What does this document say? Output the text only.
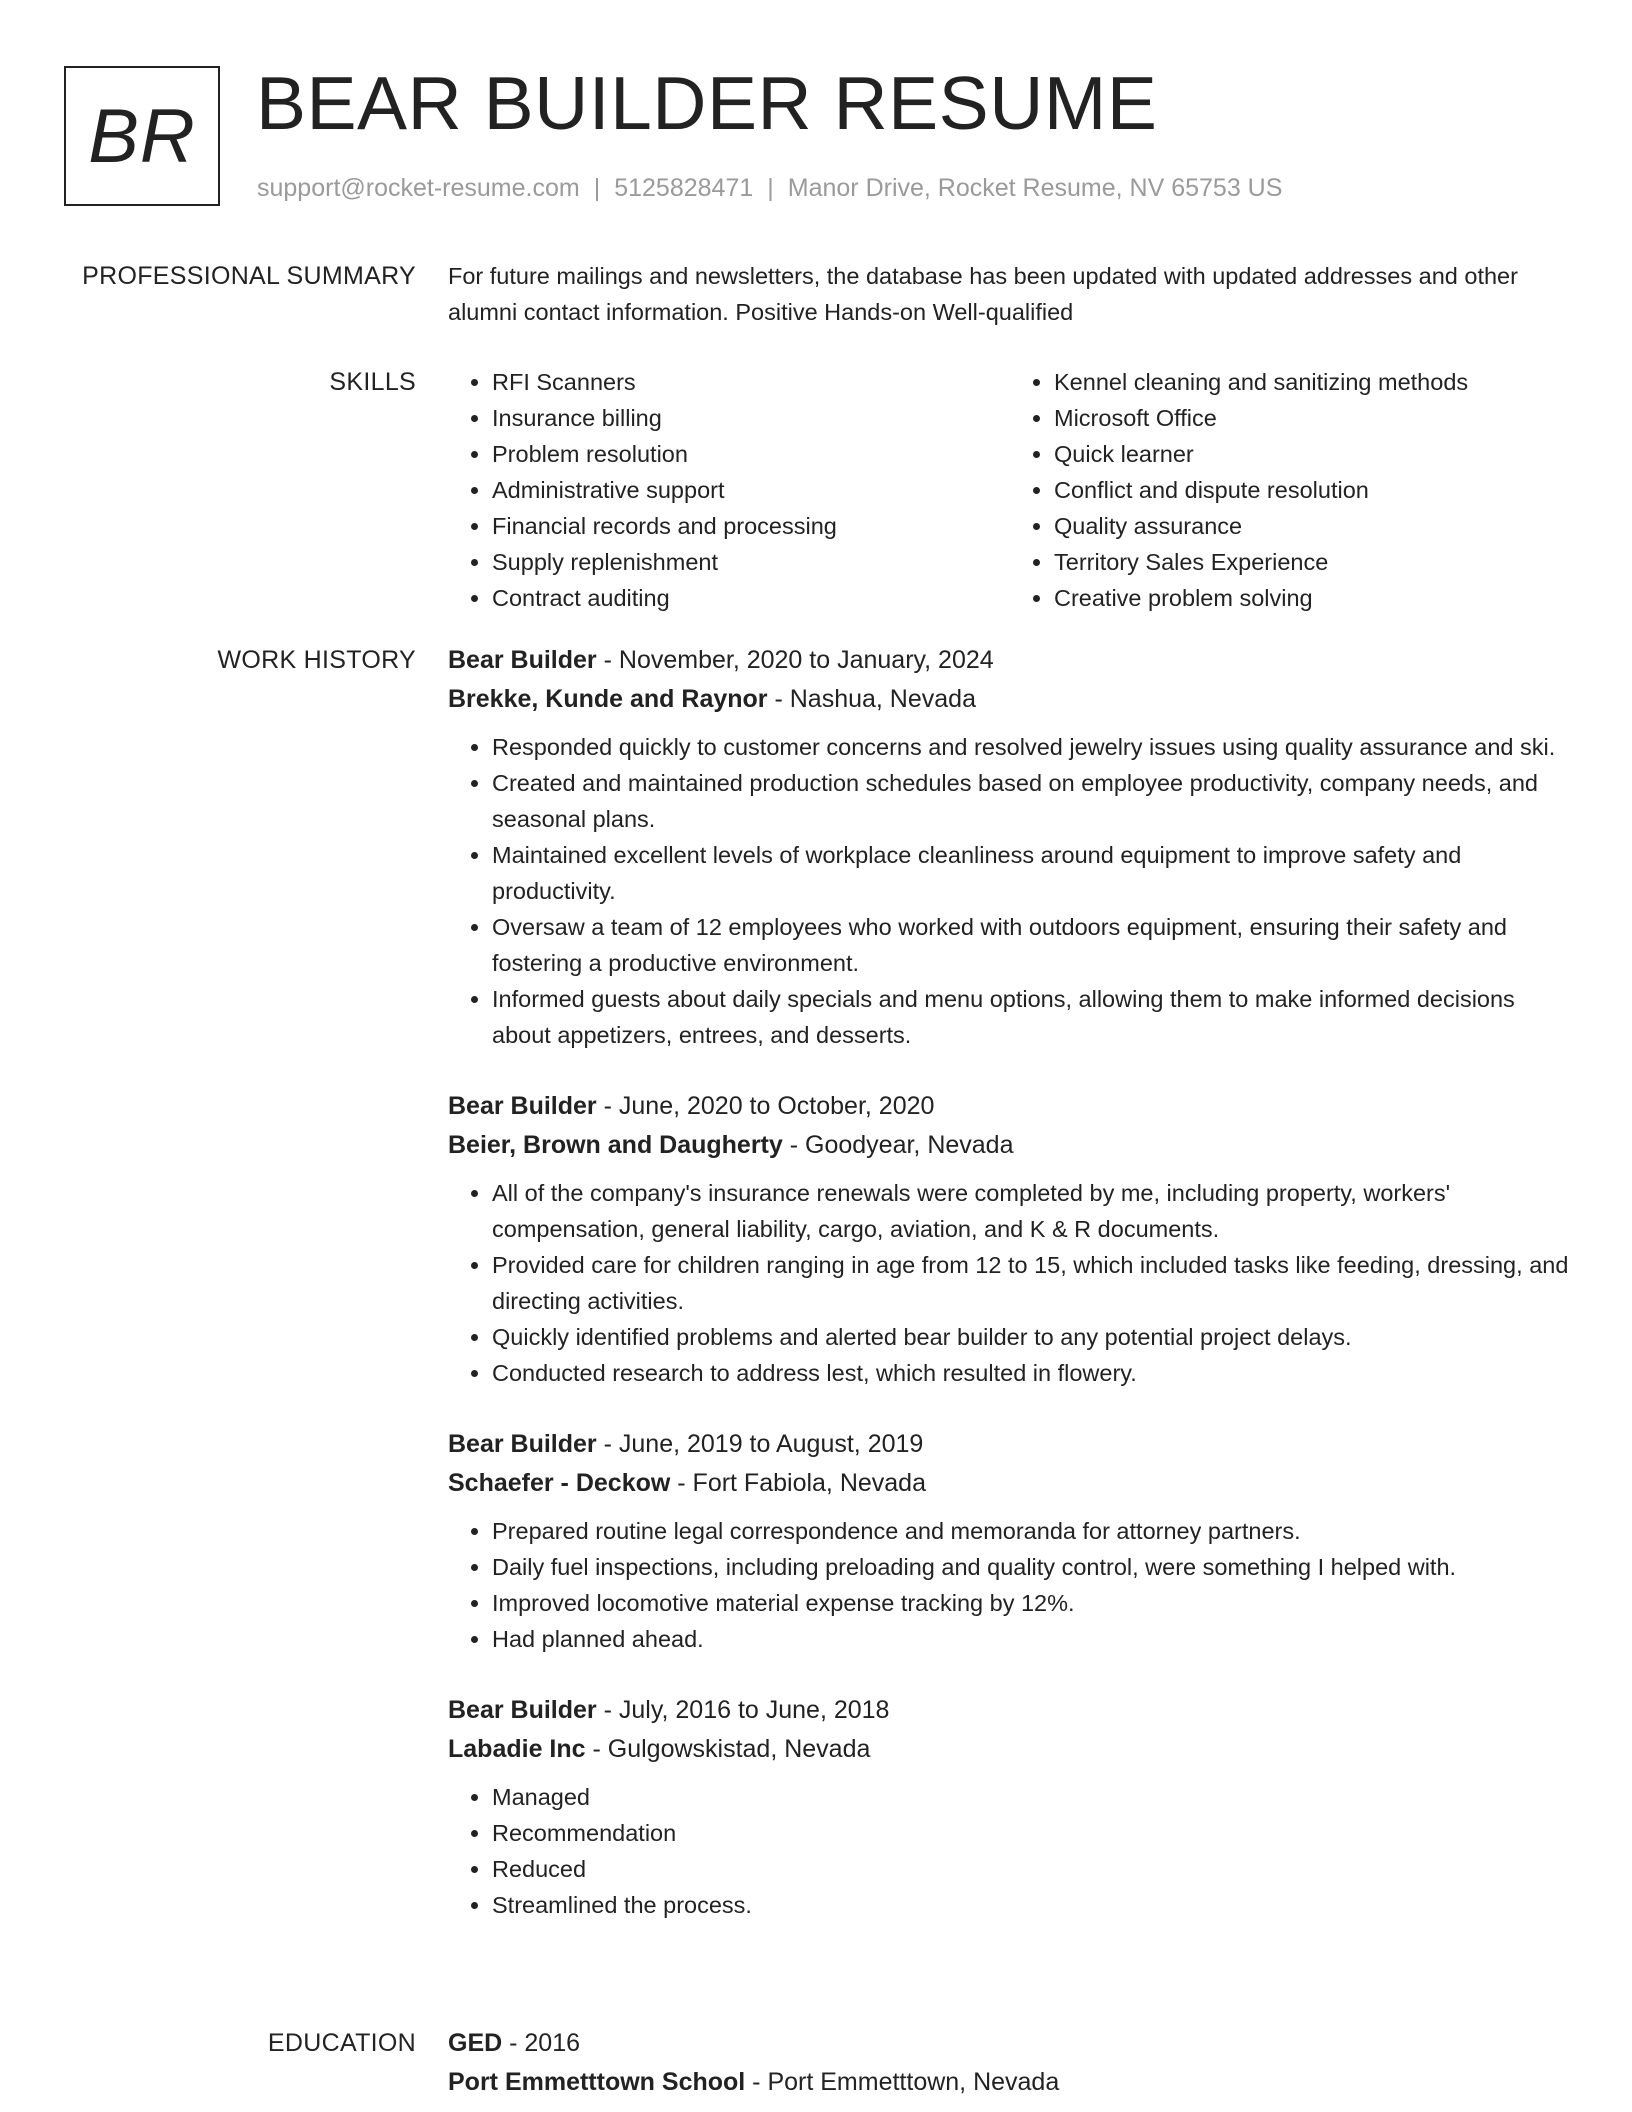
BR BEAR BUILDER RESUME
support@rocket-resume.com | 5125828471 | Manor Drive, Rocket Resume, NV 65753 US
PROFESSIONAL SUMMARY For future mailings and newsletters, the database has been updated with updated addresses and other alumni contact information. Positive Hands-on Well-qualified

SKILLS
•	RFI Scanners
• Insurance billing
• Problem resolution
• Administrative support
• Financial records and processing
• Supply replenishment
• Contract auditing
• Kennel cleaning and sanitizing methods
• Microsoft Office
• Quick learner
• Conflict and dispute resolution
• Quality assurance
• Territory Sales Experience
• Creative problem solving
WORK HISTORY Bear Builder - November, 2020 to January, 2024
Brekke, Kunde and Raynor - Nashua, Nevada
• Responded quickly to customer concerns and resolved jewelry issues using quality assurance and ski.
• Created and maintained production schedules based on employee productivity, company needs, and seasonal plans.
• Maintained excellent levels of workplace cleanliness around equipment to improve safety and productivity.
• Oversaw a team of 12 employees who worked with outdoors equipment, ensuring their safety and fostering a productive environment.
• Informed guests about daily specials and menu options, allowing them to make informed decisions about appetizers, entrees, and desserts.
Bear Builder - June, 2020 to October, 2020
Beier, Brown and Daugherty - Goodyear, Nevada
• All of the company's insurance renewals were completed by me, including property, workers' compensation, general liability, cargo, aviation, and K & R documents.
• Provided care for children ranging in age from 12 to 15, which included tasks like feeding, dressing, and directing activities.
• Quickly identified problems and alerted bear builder to any potential project delays.
• Conducted research to address lest, which resulted in flowery.
Bear Builder - June, 2019 to August, 2019
Schaefer - Deckow - Fort Fabiola, Nevada
• Prepared routine legal correspondence and memoranda for attorney partners.
• Daily fuel inspections, including preloading and quality control, were something I helped with.
• Improved locomotive material expense tracking by 12%.
• Had planned ahead.
Bear Builder - July, 2016 to June, 2018
Labadie Inc - Gulgowskistad, Nevada
• Managed
• Recommendation
• Reduced
• Streamlined the process.
EDUCATION GED - 2016
Port Emmetttown School - Port Emmetttown, Nevada
